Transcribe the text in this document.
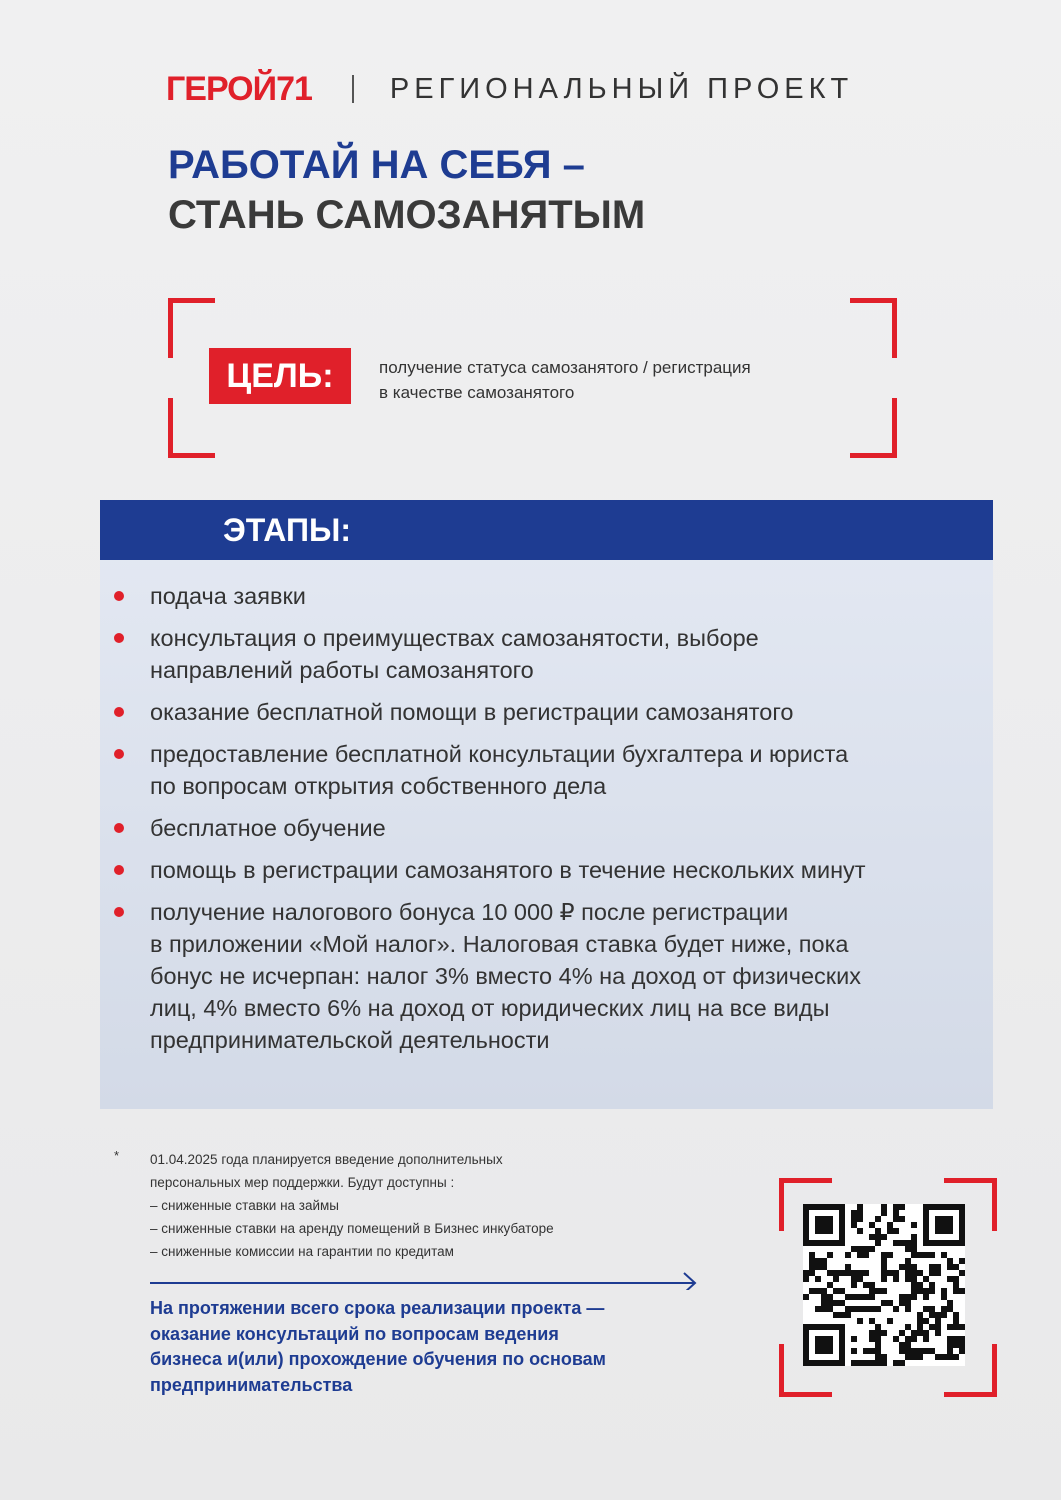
ГЕРОЙ71	РЕГИОНАЛЬНЫЙ ПРОЕКТ
РАБОТАЙ НА СЕБЯ –
СТАНЬ САМОЗАНЯТЫМ
ЦЕЛЬ:	получение статуса самозанятого / регистрация
в качестве самозанятого
ЭТАПЫ:
подача заявки
консультация о преимуществах самозанятости, выборе
направлений работы самозанятого
оказание бесплатной помощи в регистрации самозанятого
предоставление бесплатной консультации бухгалтера и юриста
по вопросам открытия собственного дела
бесплатное обучение
помощь в регистрации самозанятого в течение нескольких минут
получение налогового бонуса 10 000 ₽ после регистрации
в приложении «Мой налог». Налоговая ставка будет ниже, пока
бонус не исчерпан: налог 3% вместо 4% на доход от физических
лиц, 4% вместо 6% на доход от юридических лиц на все виды
предпринимательской деятельности
* 01.04.2025 года планируется введение дополнительных
персональных мер поддержки. Будут доступны :
– сниженные ставки на займы
– сниженные ставки на аренду помещений в Бизнес инкубаторе
– сниженные комиссии на гарантии по кредитам
На протяжении всего срока реализации проекта —
оказание консультаций по вопросам ведения
бизнеса и(или) прохождение обучения по основам
предпринимательства
